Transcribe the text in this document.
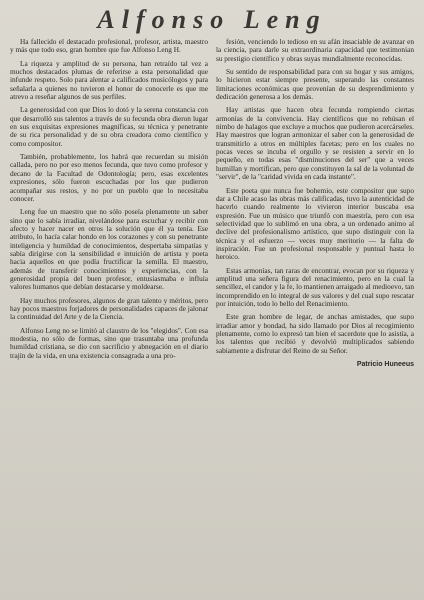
Alfonso Leng

Ha fallecido el destacado profesional, profesor, artista, maestro y más que todo eso, gran hombre que fue Alfonso Leng H.

La riqueza y amplitud de su persona, han retraído tal vez a muchos destacados plumas de referirse a esta personalidad que infunde respeto. Solo para alentar a calificados musicólogos y para señalarla a quienes no tuvieron el honor de conocerle es que me atrevo a reseñar algunos de sus perfiles.

La generosidad con que Dios lo dotó y la serena constancia con que desarrolló sus talentos a través de su fecunda obra dieron lugar en sus exquisitas expresiones magníficas, su técnica y penetrante de su rica personalidad y de su obra creadora como científico y como compositor.

También, probablemente, los habrá que recuerdan su misión callada, pero no por eso menos fecunda, que tuvo como profesor y decano de la Facultad de Odontología; pero, esas excelentes expresiones, sólo fueron escuchadas por los que pudieron acompañar sus restos, y no por un pueblo que lo necesitaba conocer.

Leng fue un maestro que no sólo poseía plenamente un saber sino que lo sabía irradiar, nivelándose para escuchar y recibir con afecto y hacer nacer en otros la solución que él ya tenía. Ese atributo, lo hacía calar hondo en los corazones y con su penetrante inteligencia y humildad de conocimientos, despertaba simpatías y sabía dirigirse con la sensibilidad e intuición de artista y poeta hacia aquellos en que podía fructificar la semilla. El maestro, además de transferir conocimientos y experiencias, con la generosidad propia del buen profesor, entusiasmaba e influía valores humanos que debían destacarse y moldearse.

Hay muchos profesores, algunos de gran talento y méritos, pero hay pocos maestros forjadores de personalidades capaces de jalonar la continuidad del Arte y de la Ciencia.

Alfonso Leng no se limitó al claustro de los "elegidos". Con esa modestia, no sólo de formas, sino que trasuntaba una profunda humildad cristiana, se dio con sacrificio y abnegación en el diario trajín de la vida, en una existencia consagrada a una pro-

fesión, venciendo lo tedioso en su afán insaciable de avanzar en la ciencia, para darle su extraordinaria capacidad que testimonian su prestigio científico y obras suyas mundialmente reconocidas.

Su sentido de responsabilidad para con su hogar y sus amigos, lo hicieron estar siempre presente, superando las constantes limitaciones económicas que provenían de su desprendimiento y dedicación generosa a los demás.

Hay artistas que hacen obra fecunda rompiendo ciertas armonías de la convivencia. Hay científicos que no rehúsan el nimbo de halagos que excluye a muchos que pudieron acercárseles. Hay maestros que logran armonizar el saber con la generosidad de transmitirlo a otros en múltiples facetas; pero en los cuales no pocas veces se incuba el orgullo y se resisten a servir en lo pequeño, en todas esas "disminuciones del ser" que a veces humillan y mortifican, pero que constituyen la sal de la voluntad de "servir", de la "caridad vivida en cada instante".

Este poeta que nunca fue bohemio, este compositor que supo dar a Chile acaso las obras más calificadas, tuvo la autenticidad de hacerlo cuando realmente lo vivieron interior buscaba esa expresión. Fue un músico que triunfó con maestría, pero con esa selectividad que lo sublimó en una obra, a un ordenado animo al declive del profesionalismo artístico, que supo distinguir con la técnica y el esfuerzo — veces muy meritorio — la falta de inspiración. Fue un profesional responsable y puntual hasta lo heroico.

Estas armonías, tan raras de encontrar, evocan por su riqueza y amplitud una señera figura del renacimiento, pero en la cual la sencillez, el candor y la fe, lo mantienen arraigado al medioevo, tan incomprendido en lo integral de sus valores y del cual supo rescatar por intuición, todo lo bello del Renacimiento.

Este gran hombre de legar, de anchas amistades, que supo irradiar amor y bondad, ha sido llamado por Dios al recogimiento plenamente, como lo expresó tan bien el sacerdote que lo asistía, a los talentos que recibió y devolvió multiplicados sabiendo sabiamente a disfrutar del Reino de su Señor.

Patricio Huneeus
